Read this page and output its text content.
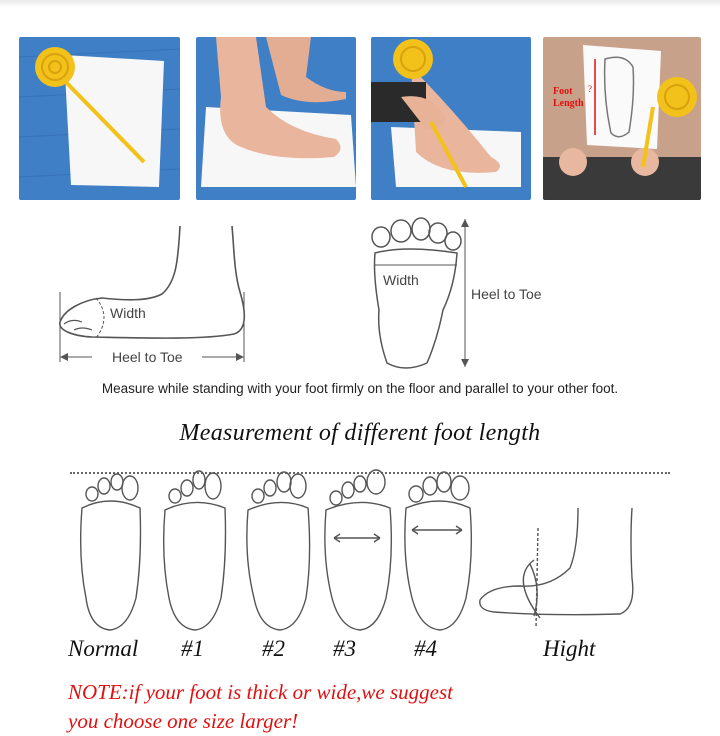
?
Foot
Length
Width
Heel to Toe
Width
Heel to Toe
Measure while standing with your foot firmly on the floor and parallel to your other foot.
Measurement of different foot length
Normal #1	#2 #3	#4	Hight
NOTE:if your foot is thick or wide,we suggest
you choose one size larger!
